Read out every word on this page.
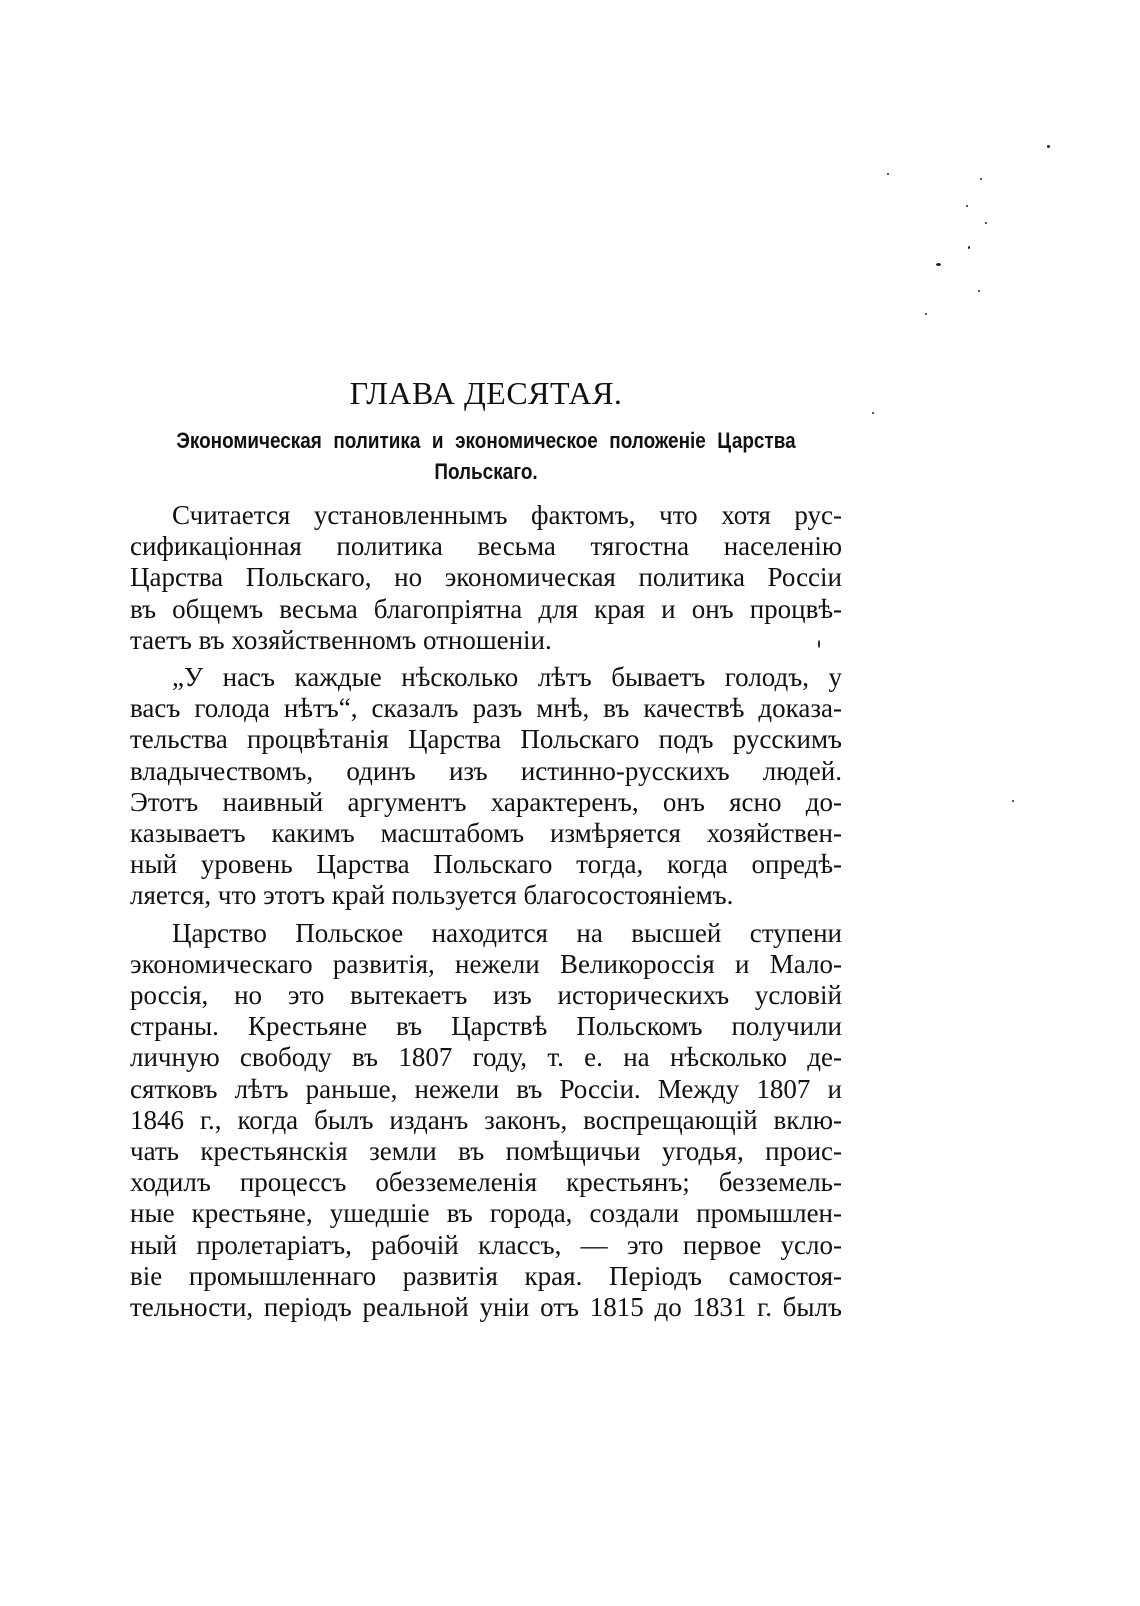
ГЛАВА ДЕСЯТАЯ.
Экономическая политика и экономическое положеніе Царства
Польскаго.

Считается установленнымъ фактомъ, что хотя рус-
сификаціонная политика весьма тягостна населенію
Царства Польскаго, но экономическая политика Россіи
въ общемъ весьма благопріятна для края и онъ процвѣ-
таетъ въ хозяйственномъ отношеніи.

„У насъ каждые нѣсколько лѣтъ бываетъ голодъ, у
васъ голода нѣтъ“, сказалъ разъ мнѣ, въ качествѣ доказа-
тельства процвѣтанія Царства Польскаго подъ русскимъ
владычествомъ, одинъ изъ истинно-русскихъ людей.
Этотъ наивный аргументъ характеренъ, онъ ясно до-
казываетъ какимъ масштабомъ измѣряется хозяйствен-
ный уровень Царства Польскаго тогда, когда опредѣ-
ляется, что этотъ край пользуется благосостояніемъ.

Царство Польское находится на высшей ступени
экономическаго развитія, нежели Великороссія и Мало-
россія, но это вытекаетъ изъ историческихъ условій
страны. Крестьяне въ Царствѣ Польскомъ получили
личную свободу въ 1807 году, т. е. на нѣсколько де-
сятковъ лѣтъ раньше, нежели въ Россіи. Между 1807 и
1846 г., когда былъ изданъ законъ, воспрещающій вклю-
чать крестьянскія земли въ помѣщичьи угодья, проис-
ходилъ процессъ обезземеленія крестьянъ; безземель-
ные крестьяне, ушедшіе въ города, создали промышлен-
ный пролетаріатъ, рабочій классъ, — это первое усло-
віе промышленнаго развитія края. Періодъ самостоя-
тельности, періодъ реальной уніи отъ 1815 до 1831 г. былъ
